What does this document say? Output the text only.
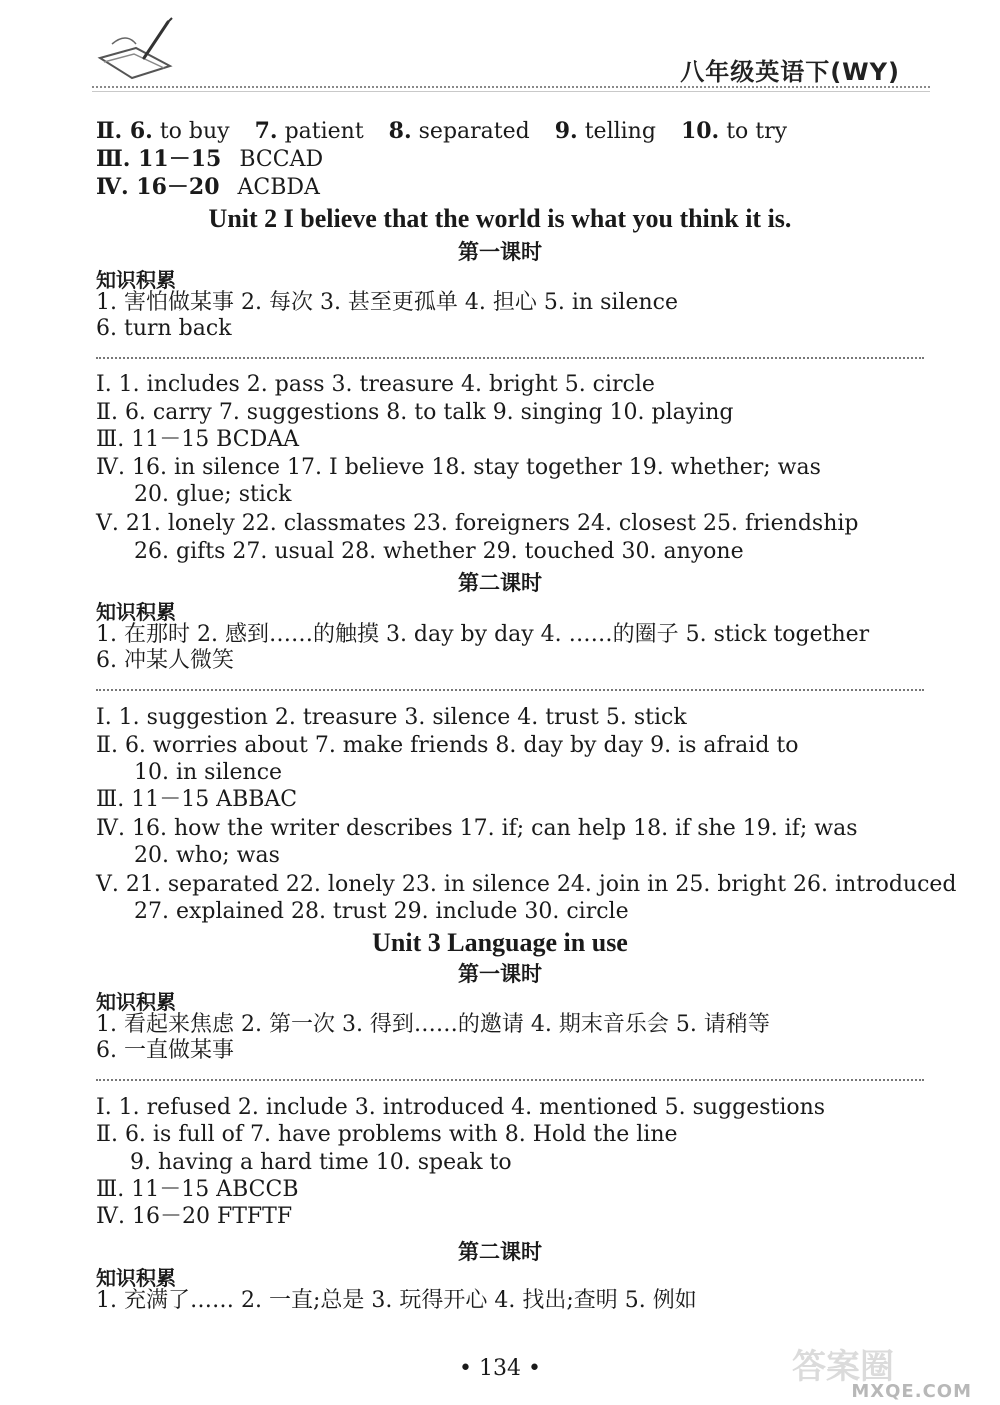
八年级英语下(WY)
Ⅱ. 6. to buy 7. patient 8. separated 9. telling 10. to try
Ⅲ. 11－15 BCCAD
Ⅳ. 16－20 ACBDA
Unit 2 I believe that the world is what you think it is.
第一课时
知识积累
1. 害怕做某事 2. 每次 3. 甚至更孤单 4. 担心 5. in silence
6. turn back
Ⅰ. 1. includes 2. pass 3. treasure 4. bright 5. circle
Ⅱ. 6. carry 7. suggestions 8. to talk 9. singing 10. playing
Ⅲ. 11－15 BCDAA
Ⅳ. 16. in silence 17. I believe 18. stay together 19. whether; was
20. glue; stick
Ⅴ. 21. lonely 22. classmates 23. foreigners 24. closest 25. friendship
26. gifts 27. usual 28. whether 29. touched 30. anyone
第二课时
知识积累
1. 在那时 2. 感到……的触摸 3. day by day 4. ……的圈子 5. stick together
6. 冲某人微笑
Ⅰ. 1. suggestion 2. treasure 3. silence 4. trust 5. stick
Ⅱ. 6. worries about 7. make friends 8. day by day 9. is afraid to
10. in silence
Ⅲ. 11－15 ABBAC
Ⅳ. 16. how the writer describes 17. if; can help 18. if she 19. if; was
20. who; was
Ⅴ. 21. separated 22. lonely 23. in silence 24. join in 25. bright 26. introduced
27. explained 28. trust 29. include 30. circle
Unit 3 Language in use
第一课时
知识积累
1. 看起来焦虑 2. 第一次 3. 得到……的邀请 4. 期末音乐会 5. 请稍等
6. 一直做某事
Ⅰ. 1. refused 2. include 3. introduced 4. mentioned 5. suggestions
Ⅱ. 6. is full of 7. have problems with 8. Hold the line
9. having a hard time 10. speak to
Ⅲ. 11－15 ABCCB
Ⅳ. 16－20 FTFTF
第二课时
知识积累
1. 充满了…… 2. 一直;总是 3. 玩得开心 4. 找出;查明 5. 例如
• 134 •	答案圈
MXQE.COM
